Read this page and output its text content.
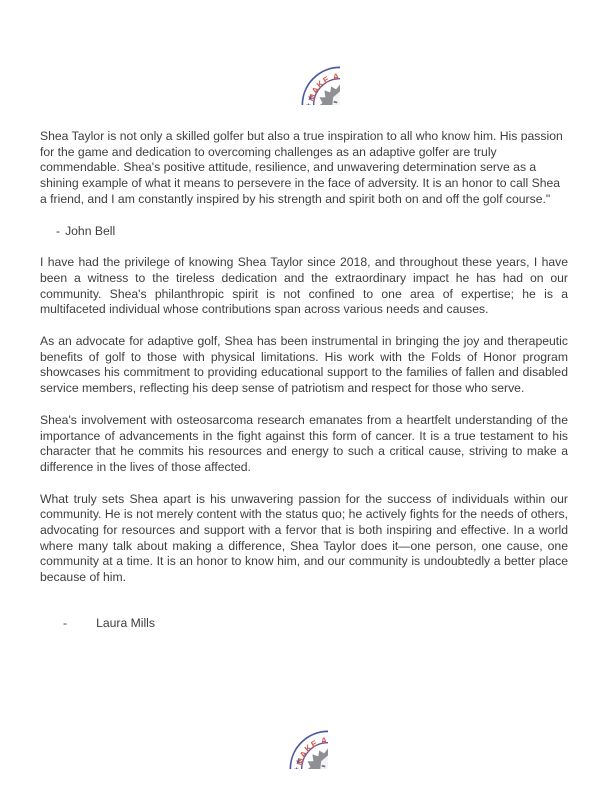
Shea Taylor is not only a skilled golfer but also a true inspiration to all who know him. His passion for the game and dedication to overcoming challenges as an adaptive golfer are truly commendable. Shea's positive attitude, resilience, and unwavering determination serve as a shining example of what it means to persevere in the face of adversity. It is an honor to call Shea a friend, and I am constantly inspired by his strength and spirit both on and off the golf course."

- John Bell

I have had the privilege of knowing Shea Taylor since 2018, and throughout these years, I have been a witness to the tireless dedication and the extraordinary impact he has had on our community. Shea's philanthropic spirit is not confined to one area of expertise; he is a multifaceted individual whose contributions span across various needs and causes.

As an advocate for adaptive golf, Shea has been instrumental in bringing the joy and therapeutic benefits of golf to those with physical limitations. His work with the Folds of Honor program showcases his commitment to providing educational support to the families of fallen and disabled service members, reflecting his deep sense of patriotism and respect for those who serve.

Shea's involvement with osteosarcoma research emanates from a heartfelt understanding of the importance of advancements in the fight against this form of cancer. It is a true testament to his character that he commits his resources and energy to such a critical cause, striving to make a difference in the lives of those affected.

What truly sets Shea apart is his unwavering passion for the success of individuals within our community. He is not merely content with the status quo; he actively fights for the needs of others, advocating for resources and support with a fervor that is both inspiring and effective. In a world where many talk about making a difference, Shea Taylor does it—one person, one cause, one community at a time. It is an honor to know him, and our community is undoubtedly a better place because of him.

- Laura Mills
